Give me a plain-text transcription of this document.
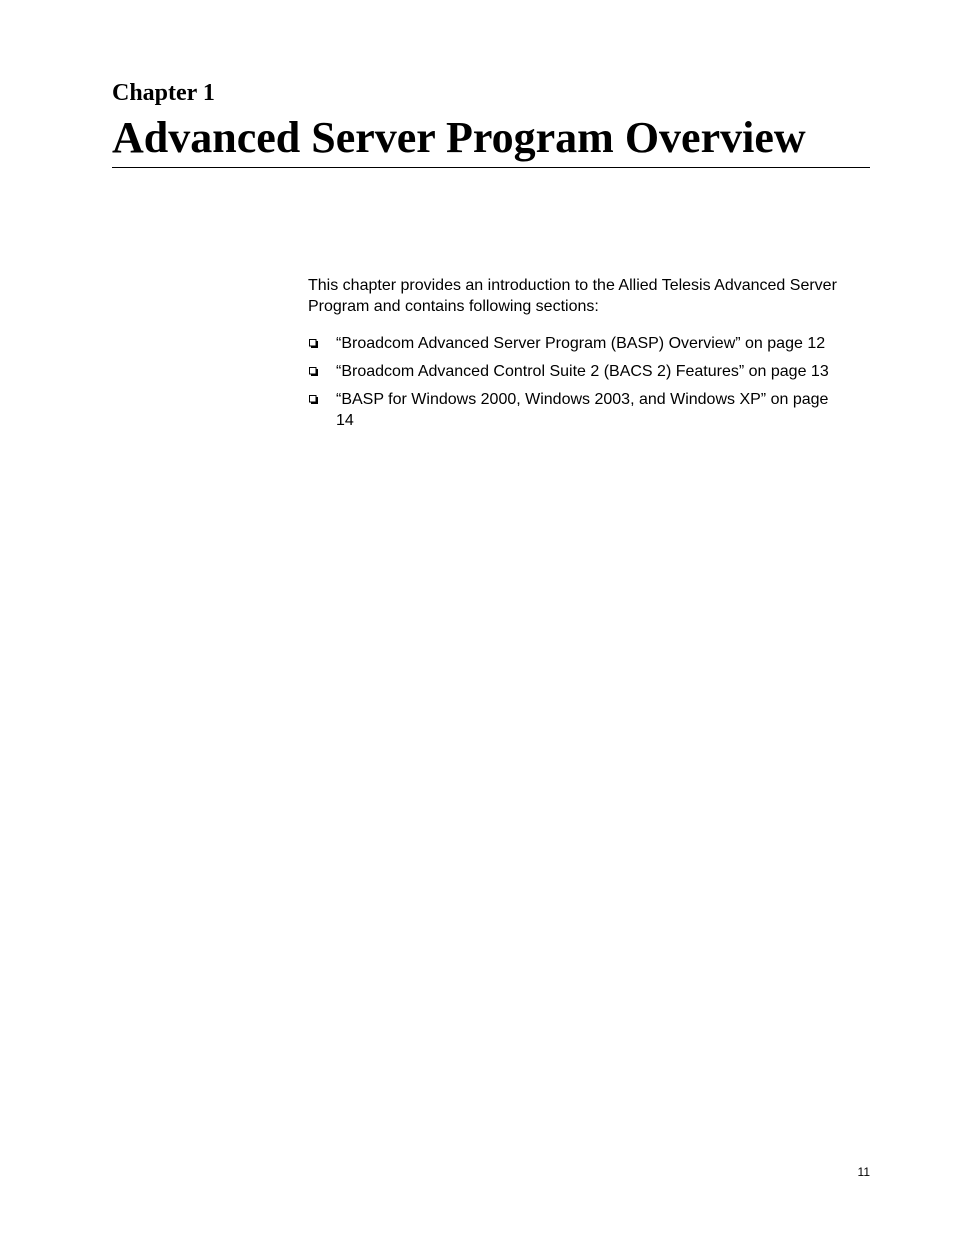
Chapter 1
Advanced Server Program Overview

This chapter provides an introduction to the Allied Telesis Advanced Server Program and contains following sections:

“Broadcom Advanced Server Program (BASP) Overview” on page 12
“Broadcom Advanced Control Suite 2 (BACS 2) Features” on page 13
“BASP for Windows 2000, Windows 2003, and Windows XP” on page 14
11
